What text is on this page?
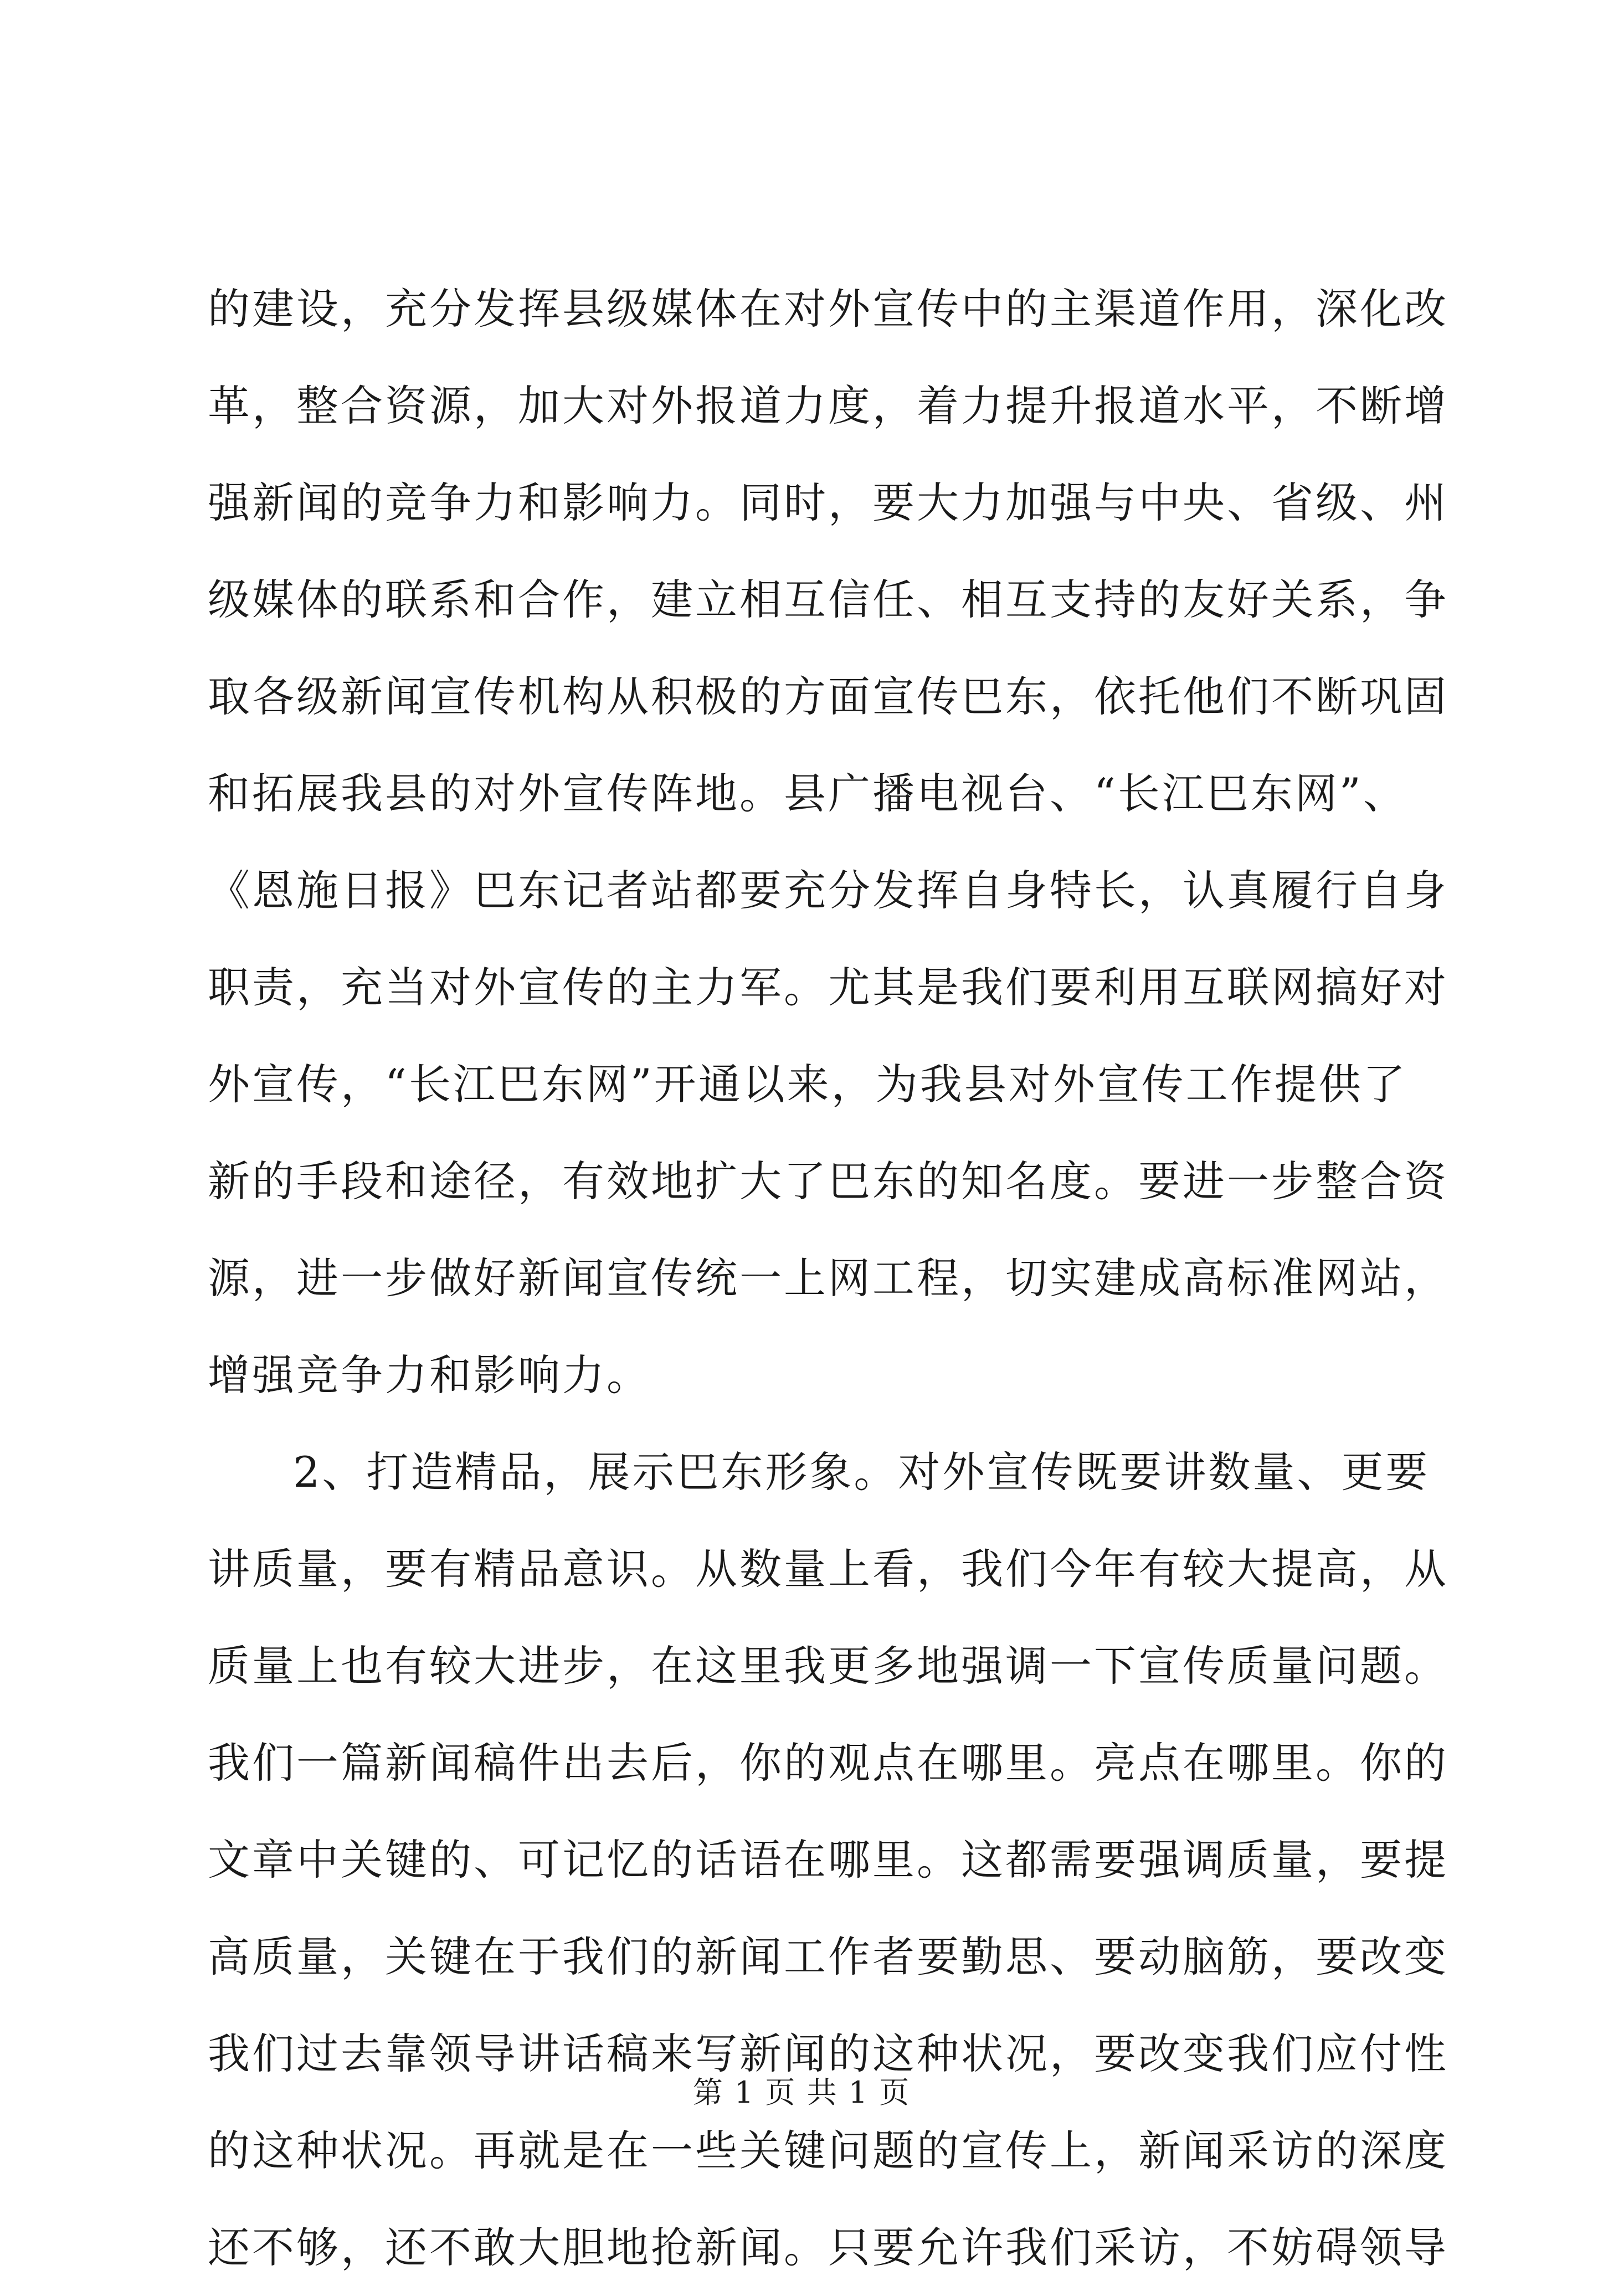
的建设，充分发挥县级媒体在对外宣传中的主渠道作用，深化改
革，整合资源，加大对外报道力度，着力提升报道水平，不断增
强新闻的竞争力和影响力。同时，要大力加强与中央、省级、州
级媒体的联系和合作，建立相互信任、相互支持的友好关系，争
取各级新闻宣传机构从积极的方面宣传巴东，依托他们不断巩固
和拓展我县的对外宣传阵地。县广播电视台、“长江巴东网”、
《恩施日报》巴东记者站都要充分发挥自身特长，认真履行自身
职责，充当对外宣传的主力军。尤其是我们要利用互联网搞好对
外宣传，“长江巴东网”开通以来，为我县对外宣传工作提供了
新的手段和途径，有效地扩大了巴东的知名度。要进一步整合资
源，进一步做好新闻宣传统一上网工程，切实建成高标准网站，
增强竞争力和影响力。
2、打造精品，展示巴东形象。对外宣传既要讲数量、更要
讲质量，要有精品意识。从数量上看，我们今年有较大提高，从
质量上也有较大进步，在这里我更多地强调一下宣传质量问题。
我们一篇新闻稿件出去后，你的观点在哪里。亮点在哪里。你的
文章中关键的、可记忆的话语在哪里。这都需要强调质量，要提
高质量，关键在于我们的新闻工作者要勤思、要动脑筋，要改变
我们过去靠领导讲话稿来写新闻的这种状况，要改变我们应付性
的这种状况。再就是在一些关键问题的宣传上，新闻采访的深度
还不够，还不敢大胆地抢新闻。只要允许我们采访，不妨碍领导
第 1 页 共 1 页
